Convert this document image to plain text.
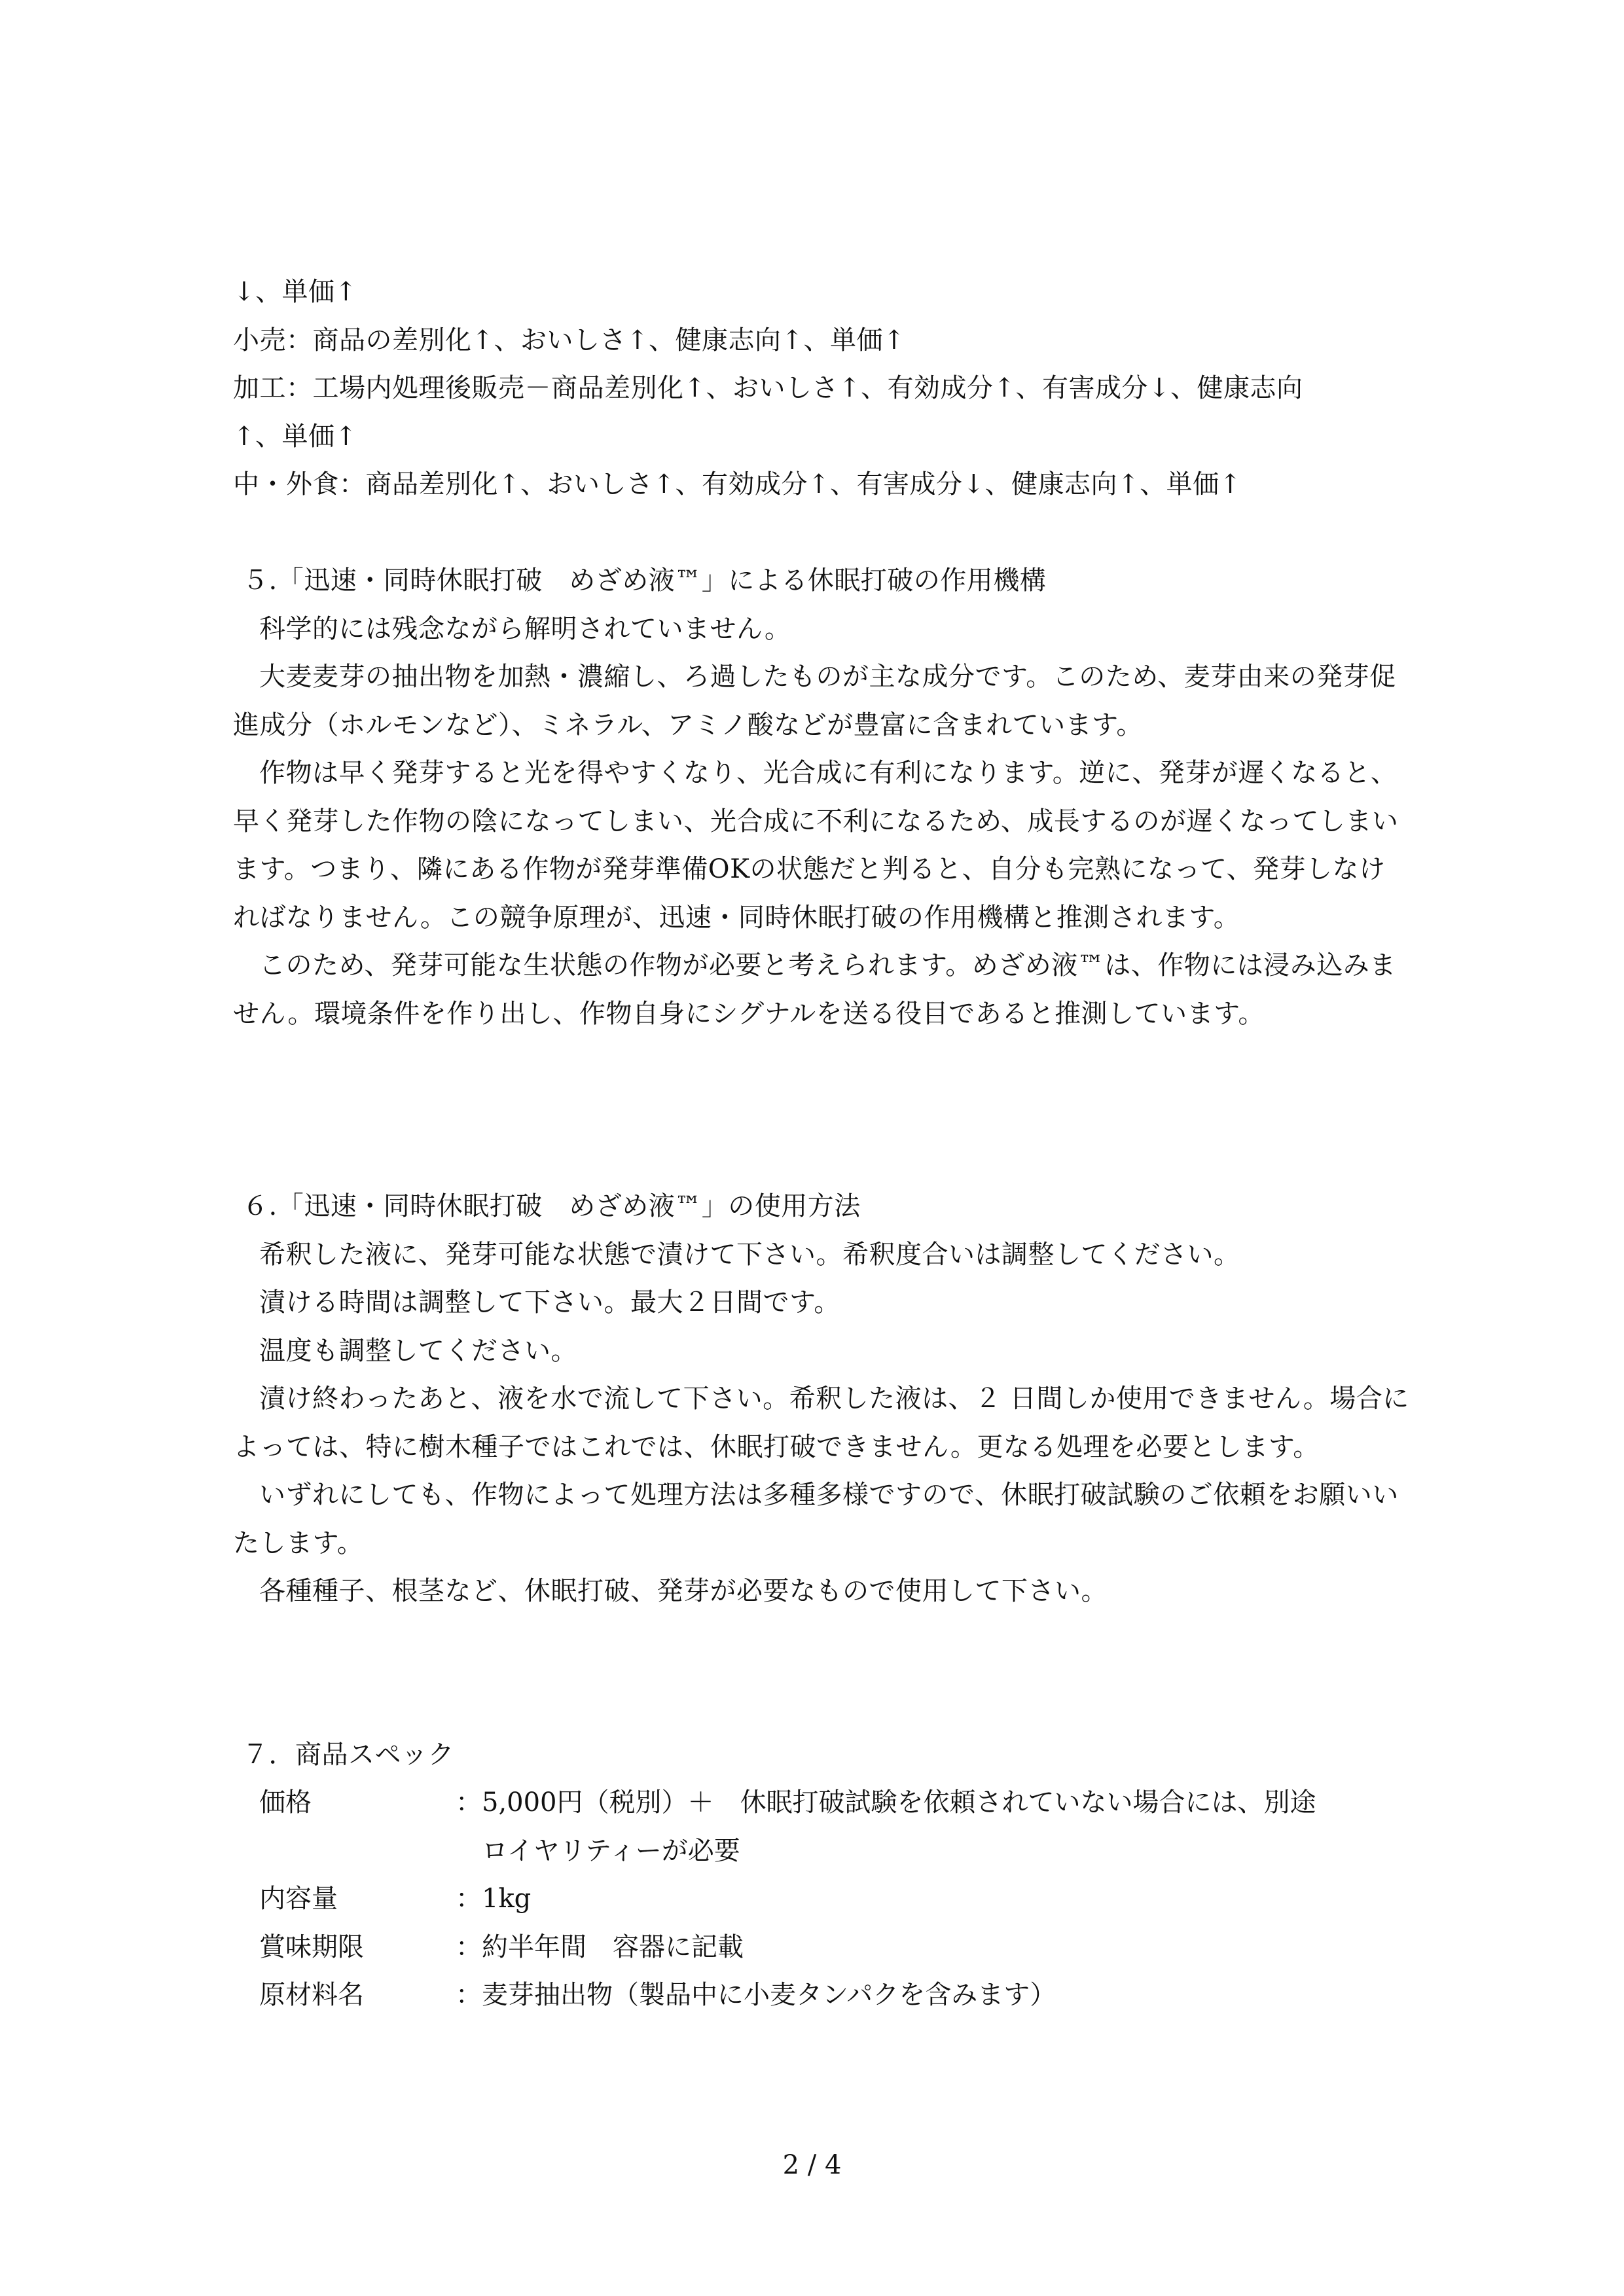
↓、単価↑
小売：商品の差別化↑、おいしさ↑、健康志向↑、単価↑
加工：工場内処理後販売－商品差別化↑、おいしさ↑、有効成分↑、有害成分↓、健康志向
↑、単価↑
中・外食：商品差別化↑、おいしさ↑、有効成分↑、有害成分↓、健康志向↑、単価↑
５.「迅速・同時休眠打破　めざめ液™」による休眠打破の作用機構
科学的には残念ながら解明されていません。
大麦麦芽の抽出物を加熱・濃縮し、ろ過したものが主な成分です。このため、麦芽由来の発芽促進成分（ホルモンなど）、ミネラル、アミノ酸などが豊富に含まれています。
作物は早く発芽すると光を得やすくなり、光合成に有利になります。逆に、発芽が遅くなると、早く発芽した作物の陰になってしまい、光合成に不利になるため、成長するのが遅くなってしまいます。つまり、隣にある作物が発芽準備OKの状態だと判ると、自分も完熟になって、発芽しなければなりません。この競争原理が、迅速・同時休眠打破の作用機構と推測されます。
このため、発芽可能な生状態の作物が必要と考えられます。めざめ液™は、作物には浸み込みません。環境条件を作り出し、作物自身にシグナルを送る役目であると推測しています。
６.「迅速・同時休眠打破　めざめ液™」の使用方法
希釈した液に、発芽可能な状態で漬けて下さい。希釈度合いは調整してください。
漬ける時間は調整して下さい。最大２日間です。
温度も調整してください。
漬け終わったあと、液を水で流して下さい。希釈した液は、２ 日間しか使用できません。場合によっては、特に樹木種子ではこれでは、休眠打破できません。更なる処理を必要とします。
いずれにしても、作物によって処理方法は多種多様ですので、休眠打破試験のご依頼をお願いいたします。
各種種子、根茎など、休眠打破、発芽が必要なもので使用して下さい。
７．商品スペック
価格	：5,000円（税別）＋　休眠打破試験を依頼されていない場合には、別途
ロイヤリティーが必要
内容量	：1kg
賞味期限	：約半年間　容器に記載
原材料名	：麦芽抽出物（製品中に小麦タンパクを含みます）
2 / 4
